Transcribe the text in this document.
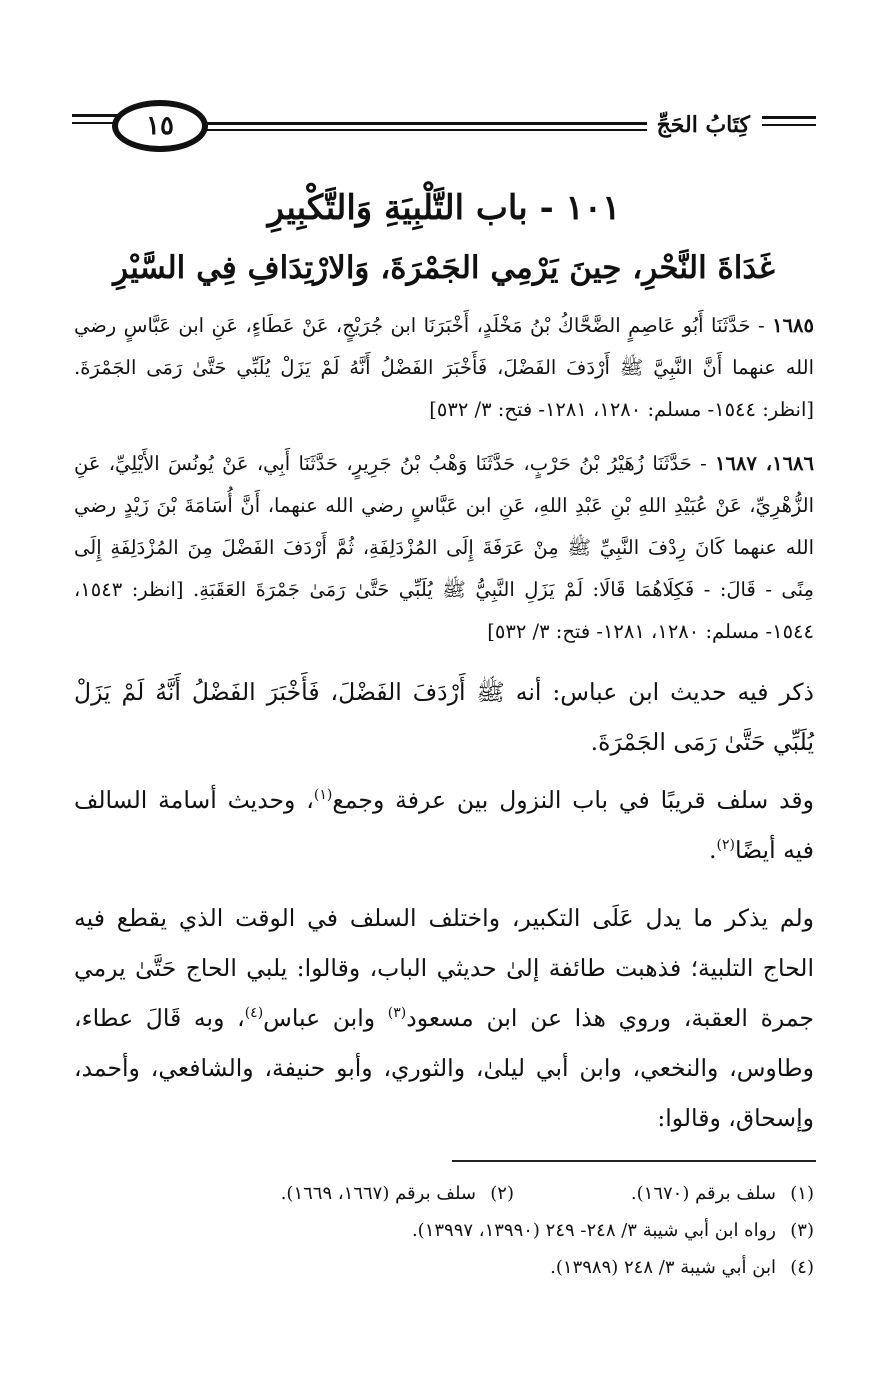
١٥	كِتَابُ الحَجِّ
١٠١ - باب التَّلْبِيَةِ وَالتَّكْبِيرِ
غَدَاةَ النَّحْرِ، حِينَ يَرْمِي الجَمْرَةَ، وَالارْتِدَافِ فِي السَّيْرِ

١٦٨٥ - حَدَّثَنَا أَبُو عَاصِمٍ الضَّحَّاكُ بْنُ مَخْلَدٍ، أَخْبَرَنَا ابن جُرَيْجٍ، عَنْ عَطَاءٍ، عَنِ ابن عَبَّاسٍ رضي الله عنهما أَنَّ النَّبِيَّ ﷺ أَرْدَفَ الفَضْلَ، فَأَخْبَرَ الفَضْلُ أَنَّهُ لَمْ يَزَلْ يُلَبِّي حَتَّىٰ رَمَى الجَمْرَةَ. [انظر: ١٥٤٤- مسلم: ١٢٨٠، ١٢٨١- فتح: ٣/ ٥٣٢]

١٦٨٦، ١٦٨٧ - حَدَّثَنَا زُهَيْرُ بْنُ حَرْبٍ، حَدَّثَنَا وَهْبُ بْنُ جَرِيرٍ، حَدَّثَنَا أَبِي، عَنْ يُونُسَ الأَيْلِيِّ، عَنِ الزُّهْرِيِّ، عَنْ عُبَيْدِ اللهِ بْنِ عَبْدِ اللهِ، عَنِ ابن عَبَّاسٍ رضي الله عنهما، أَنَّ أُسَامَةَ بْنَ زَيْدٍ رضي الله عنهما كَانَ رِدْفَ النَّبِيِّ ﷺ مِنْ عَرَفَةَ إِلَى المُزْدَلِفَةِ، ثُمَّ أَرْدَفَ الفَضْلَ مِنَ المُزْدَلِفَةِ إِلَى مِنًى - قَالَ: - فَكِلَاهُمَا قَالَا: لَمْ يَزَلِ النَّبِيُّ ﷺ يُلَبِّي حَتَّىٰ رَمَىٰ جَمْرَةَ العَقَبَةِ. [انظر: ١٥٤٣، ١٥٤٤- مسلم: ١٢٨٠، ١٢٨١- فتح: ٣/ ٥٣٢]

ذكر فيه حديث ابن عباس: أنه ﷺ أَرْدَفَ الفَضْلَ، فَأَخْبَرَ الفَضْلُ أَنَّهُ لَمْ يَزَلْ يُلَبِّي حَتَّىٰ رَمَى الجَمْرَةَ.

وقد سلف قريبًا في باب النزول بين عرفة وجمع$^{(١)}$، وحديث أسامة السالف فيه أيضًا$^{(٢)}$.

ولم يذكر ما يدل عَلَى التكبير، واختلف السلف في الوقت الذي يقطع فيه الحاج التلبية؛ فذهبت طائفة إلىٰ حديثي الباب، وقالوا: يلبي الحاج حَتَّىٰ يرمي جمرة العقبة، وروي هذا عن ابن مسعود$^{(٣)}$ وابن عباس$^{(٤)}$، وبه قَالَ عطاء، وطاوس، والنخعي، وابن أبي ليلىٰ، والثوري، وأبو حنيفة، والشافعي، وأحمد، وإسحاق، وقالوا:

(١)سلف برقم (١٦٧٠).
(٢)سلف برقم (١٦٦٧، ١٦٦٩).
(٣)رواه ابن أبي شيبة ٣/ ٢٤٨- ٢٤٩ (١٣٩٩٠، ١٣٩٩٧).
(٤)ابن أبي شيبة ٣/ ٢٤٨ (١٣٩٨٩).
